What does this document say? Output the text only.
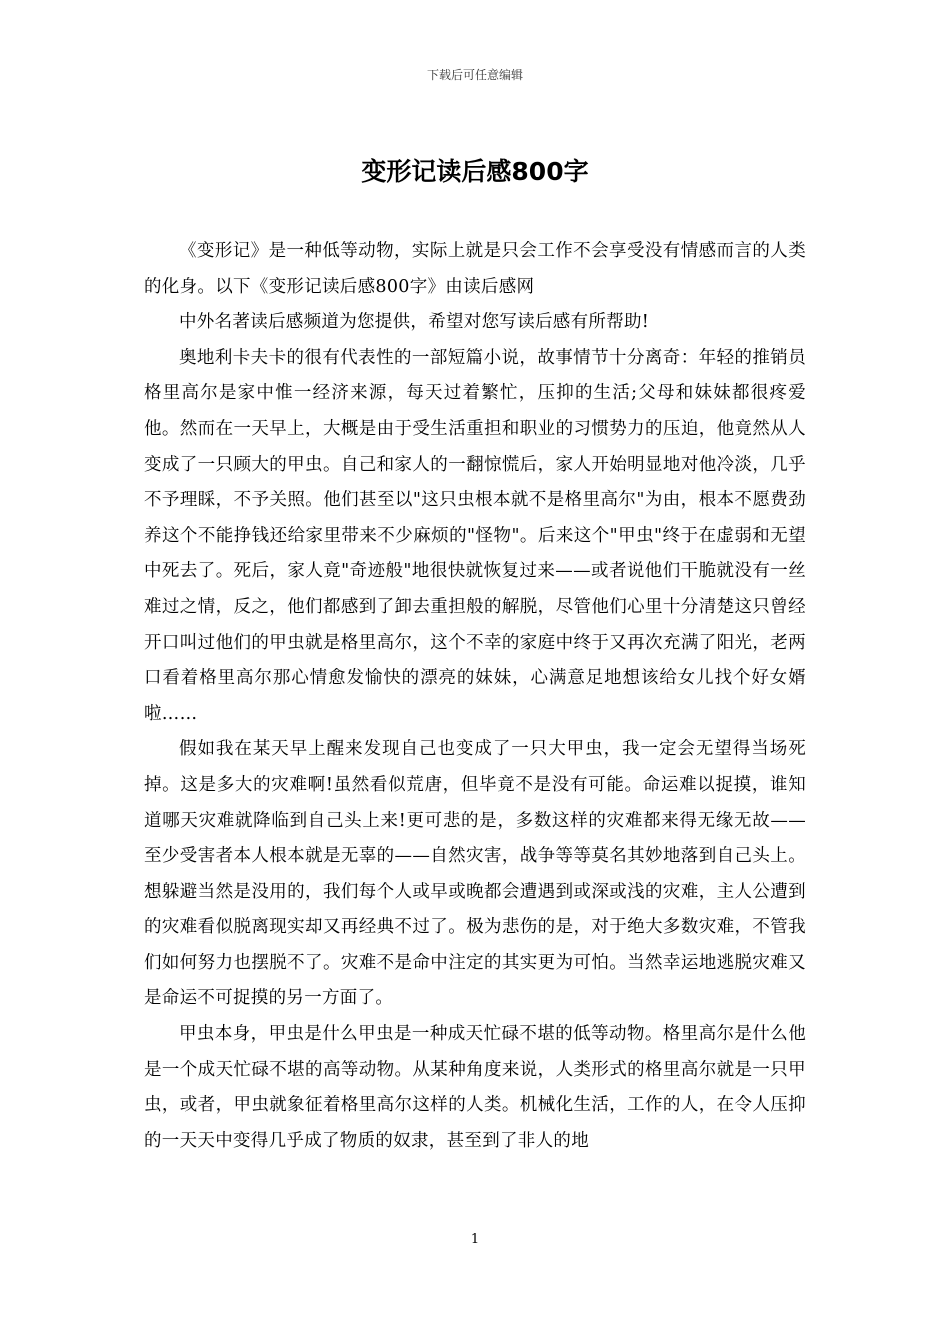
下载后可任意编辑
变形记读后感800字

《变形记》是一种低等动物，实际上就是只会工作不会享受没有情感而言的人类的化身。以下《变形记读后感800字》由读后感网

中外名著读后感频道为您提供，希望对您写读后感有所帮助!

奥地利卡夫卡的很有代表性的一部短篇小说，故事情节十分离奇：年轻的推销员格里高尔是家中惟一经济来源，每天过着繁忙，压抑的生活;父母和妹妹都很疼爱他。然而在一天早上，大概是由于受生活重担和职业的习惯势力的压迫，他竟然从人变成了一只顾大的甲虫。自己和家人的一翻惊慌后，家人开始明显地对他冷淡，几乎不予理睬，不予关照。他们甚至以"这只虫根本就不是格里高尔"为由，根本不愿费劲养这个不能挣钱还给家里带来不少麻烦的"怪物"。后来这个"甲虫"终于在虚弱和无望中死去了。死后，家人竟"奇迹般"地很快就恢复过来——或者说他们干脆就没有一丝难过之情，反之，他们都感到了卸去重担般的解脱，尽管他们心里十分清楚这只曾经开口叫过他们的甲虫就是格里高尔，这个不幸的家庭中终于又再次充满了阳光，老两口看着格里高尔那心情愈发愉快的漂亮的妹妹，心满意足地想该给女儿找个好女婿啦……

假如我在某天早上醒来发现自己也变成了一只大甲虫，我一定会无望得当场死掉。这是多大的灾难啊!虽然看似荒唐，但毕竟不是没有可能。命运难以捉摸，谁知道哪天灾难就降临到自己头上来!更可悲的是，多数这样的灾难都来得无缘无故——至少受害者本人根本就是无辜的——自然灾害，战争等等莫名其妙地落到自己头上。想躲避当然是没用的，我们每个人或早或晚都会遭遇到或深或浅的灾难，主人公遭到的灾难看似脱离现实却又再经典不过了。极为悲伤的是，对于绝大多数灾难，不管我们如何努力也摆脱不了。灾难不是命中注定的其实更为可怕。当然幸运地逃脱灾难又是命运不可捉摸的另一方面了。

甲虫本身，甲虫是什么甲虫是一种成天忙碌不堪的低等动物。格里高尔是什么他是一个成天忙碌不堪的高等动物。从某种角度来说，人类形式的格里高尔就是一只甲虫，或者，甲虫就象征着格里高尔这样的人类。机械化生活，工作的人，在令人压抑的一天天中变得几乎成了物质的奴隶，甚至到了非人的地

1
